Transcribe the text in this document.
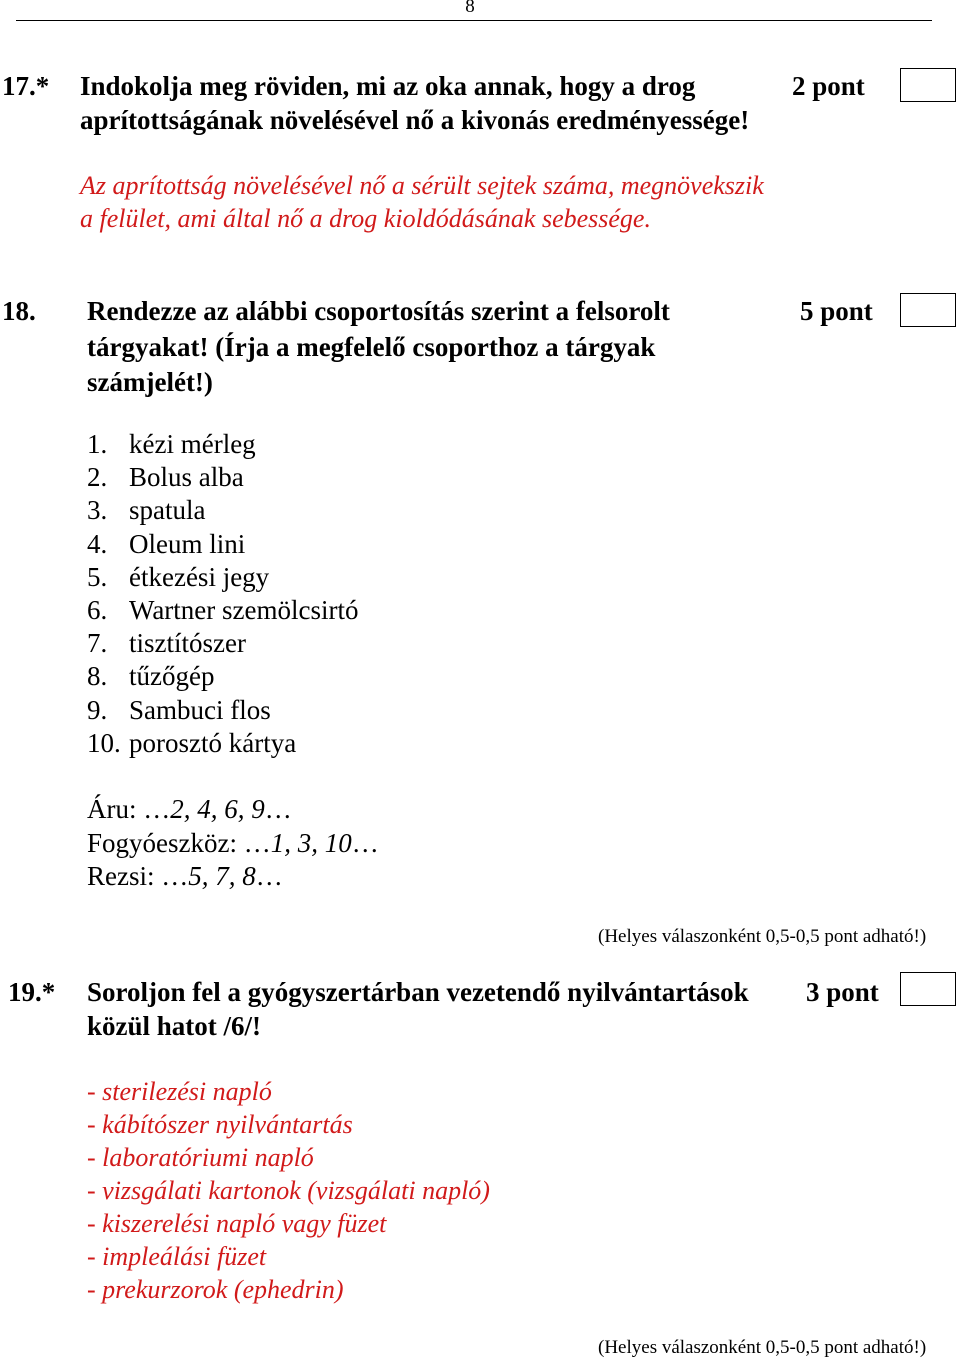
8
17.* Indokolja meg röviden, mi az oka annak, hogy a drog aprítottságának növelésével nő a kivonás eredményessége!
2 pont
Az aprítottság növelésével nő a sérült sejtek száma, megnövekszik
a felület, ami által nő a drog kioldódásának sebessége.
18. Rendezze az alábbi csoportosítás szerint a felsorolt tárgyakat! (Írja a megfelelő csoporthoz a tárgyak számjelét!)
5 pont
1. kézi mérleg
2. Bolus alba
3. spatula
4. Oleum lini
5. étkezési jegy
6. Wartner szemölcsirtó
7. tisztítószer
8. tűzőgép
9. Sambuci flos
10. porosztó kártya
Áru: …2, 4, 6, 9…
Fogyóeszköz: …1, 3, 10…
Rezsi: …5, 7, 8…
(Helyes válaszonként 0,5-0,5 pont adható!)
19.* Soroljon fel a gyógyszertárban vezetendő nyilvántartások közül hatot /6/!
3 pont
- sterilezési napló
- kábítószer nyilvántartás
- laboratóriumi napló
- vizsgálati kartonok (vizsgálati napló)
- kiszerelési napló vagy füzet
- impleálási füzet
- prekurzorok (ephedrin)
(Helyes válaszonként 0,5-0,5 pont adható!)
